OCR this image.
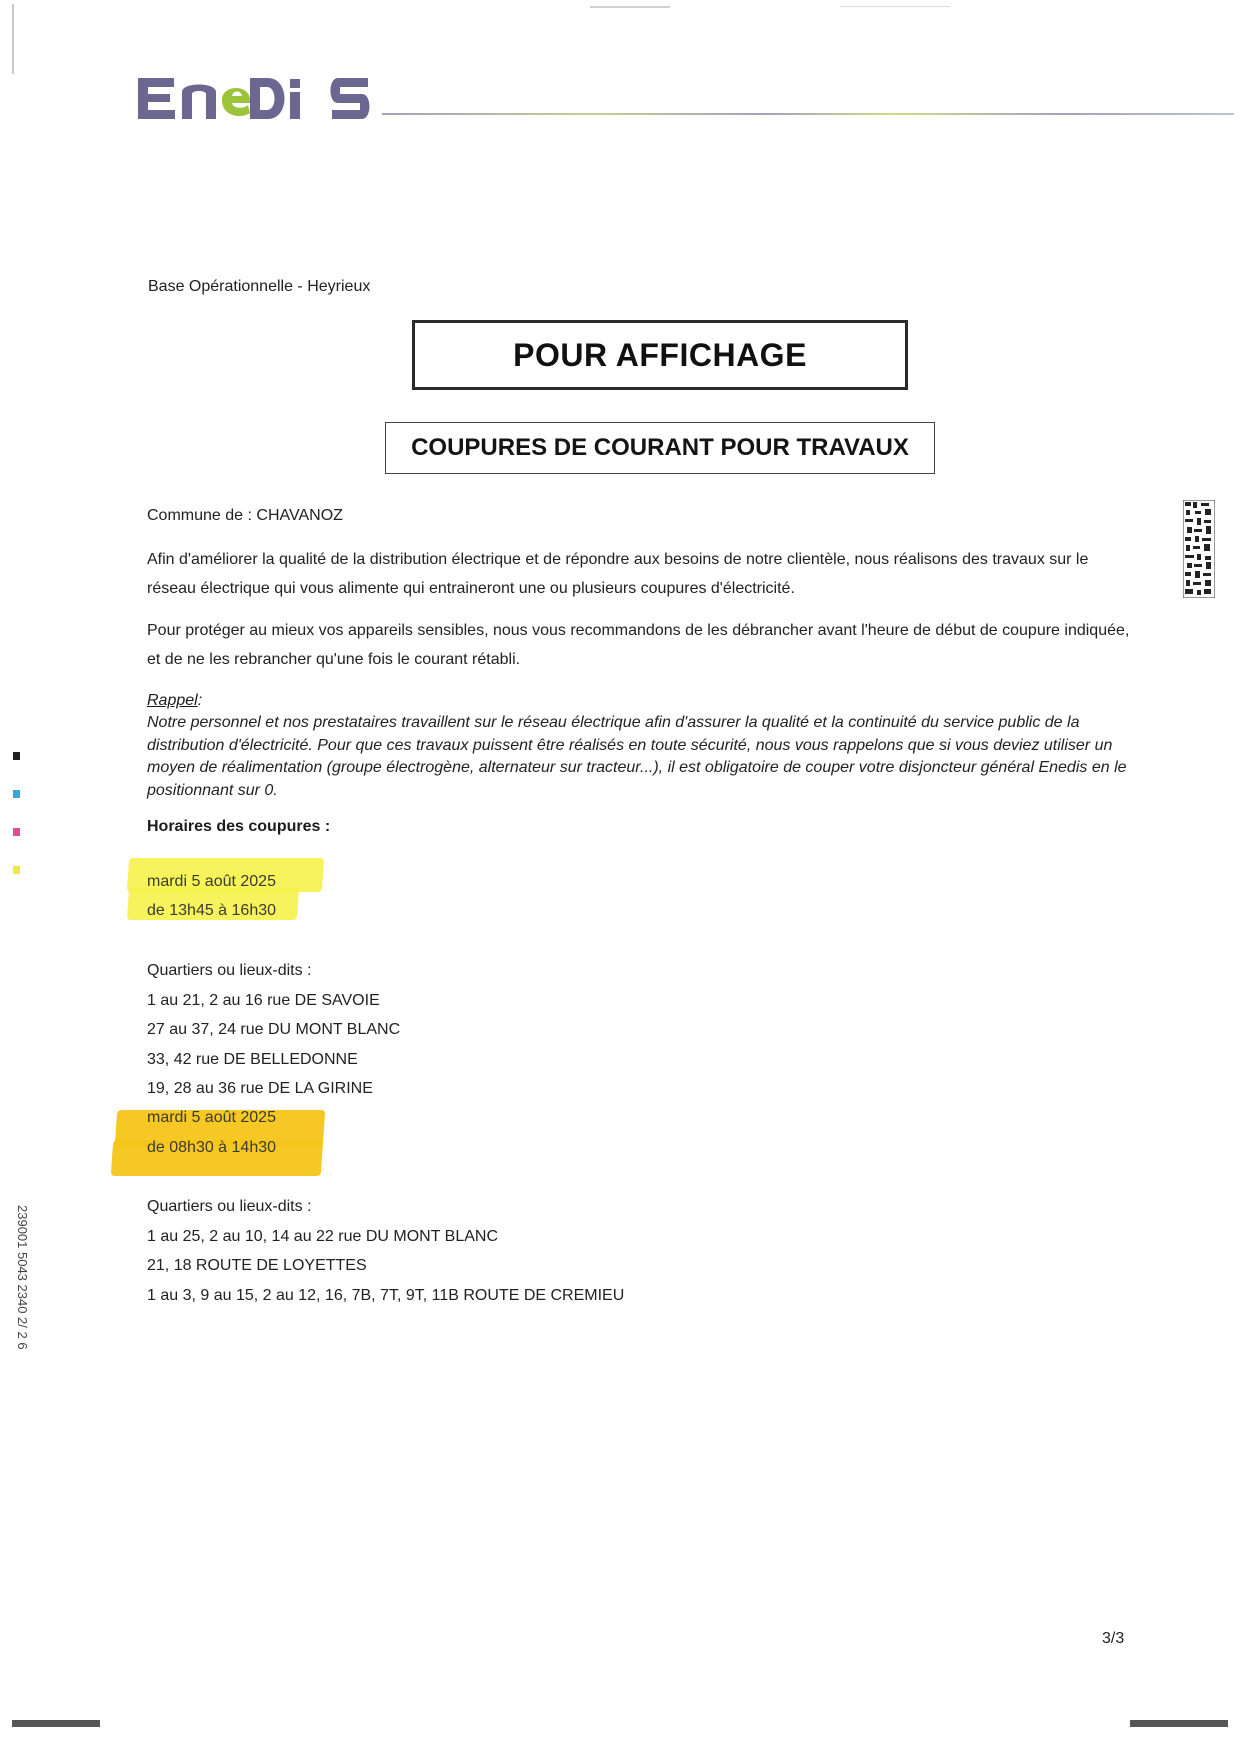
Base Opérationnelle - Heyrieux
POUR AFFICHAGE
COUPURES DE COURANT POUR TRAVAUX
Commune de : CHAVANOZ
Afin d'améliorer la qualité de la distribution électrique et de répondre aux besoins de notre clientèle, nous réalisons des travaux sur le réseau électrique qui vous alimente qui entraineront une ou plusieurs coupures d'électricité.
Pour protéger au mieux vos appareils sensibles, nous vous recommandons de les débrancher avant l'heure de début de coupure indiquée, et de ne les rebrancher qu'une fois le courant rétabli.
Rappel:
Notre personnel et nos prestataires travaillent sur le réseau électrique afin d'assurer la qualité et la continuité du service public de la distribution d'électricité. Pour que ces travaux puissent être réalisés en toute sécurité, nous vous rappelons que si vous deviez utiliser un moyen de réalimentation (groupe électrogène, alternateur sur tracteur...), il est obligatoire de couper votre disjoncteur général Enedis en le positionnant sur 0.
Horaires des coupures :
mardi 5 août 2025
de 13h45 à 16h30
Quartiers ou lieux-dits :
1 au 21, 2 au 16 rue DE SAVOIE
27 au 37, 24 rue DU MONT BLANC
33, 42 rue DE BELLEDONNE
19, 28 au 36 rue DE LA GIRINE
mardi 5 août 2025
de 08h30 à 14h30
Quartiers ou lieux-dits :
1 au 25, 2 au 10, 14 au 22 rue DU MONT BLANC
21, 18 ROUTE DE LOYETTES
1 au 3, 9 au 15, 2 au 12, 16, 7B, 7T, 9T, 11B ROUTE DE CREMIEU
239001 5043 2340 2/ 2 6
3/3
